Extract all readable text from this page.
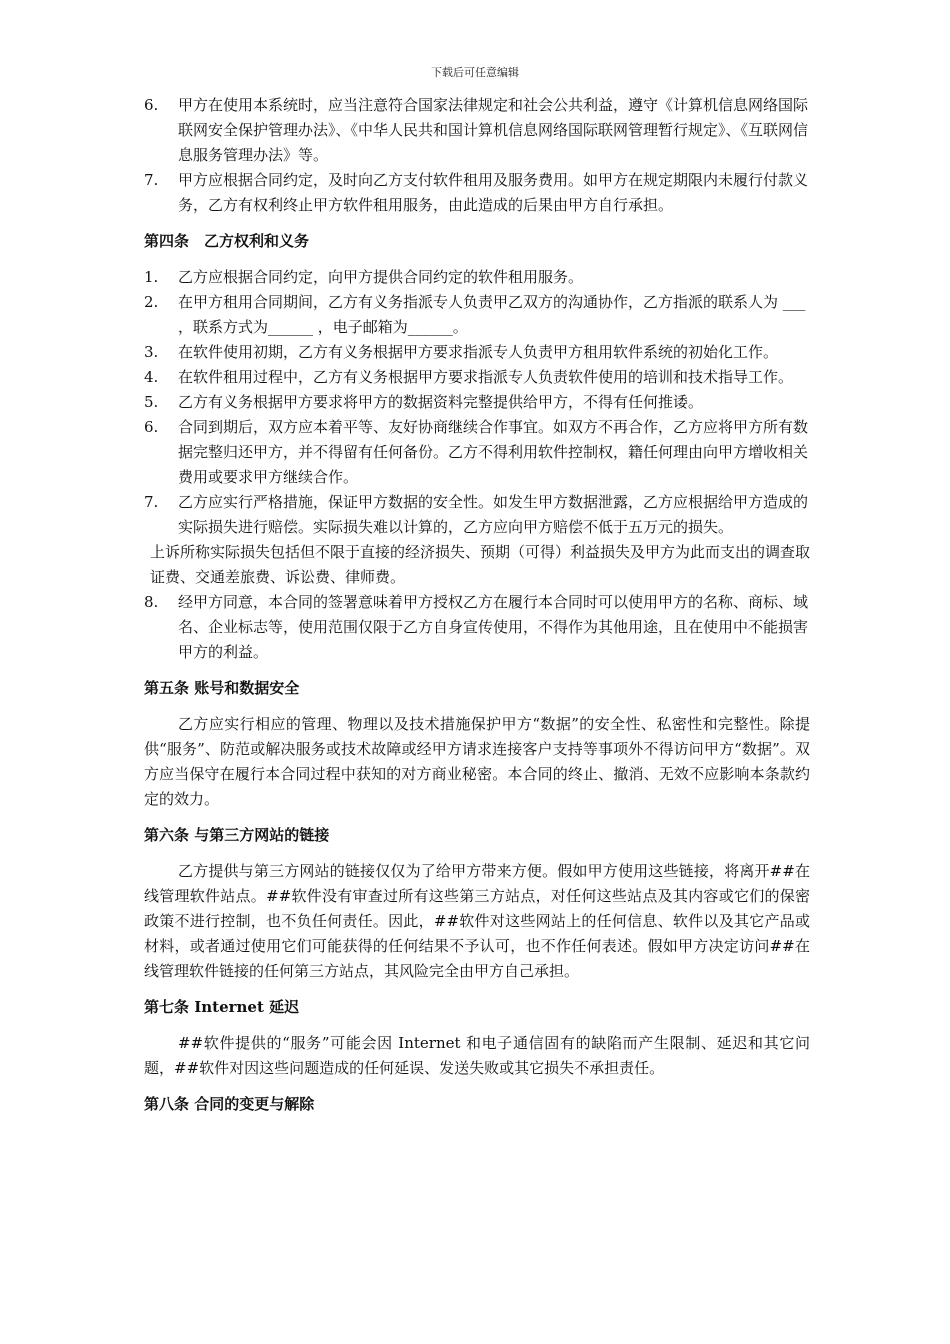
下载后可任意编辑
6. 甲方在使用本系统时，应当注意符合国家法律规定和社会公共利益，遵守《计算机信息网络国际联网安全保护管理办法》、《中华人民共和国计算机信息网络国际联网管理暂行规定》、《互联网信息服务管理办法》等。
7. 甲方应根据合同约定，及时向乙方支付软件租用及服务费用。如甲方在规定期限内未履行付款义务，乙方有权利终止甲方软件租用服务，由此造成的后果由甲方自行承担。
第四条　乙方权利和义务
1. 乙方应根据合同约定，向甲方提供合同约定的软件租用服务。
2. 在甲方租用合同期间，乙方有义务指派专人负责甲乙双方的沟通协作，乙方指派的联系人为 ___ ，联系方式为______ ，电子邮箱为______。
3. 在软件使用初期，乙方有义务根据甲方要求指派专人负责甲方租用软件系统的初始化工作。
4. 在软件租用过程中，乙方有义务根据甲方要求指派专人负责软件使用的培训和技术指导工作。
5. 乙方有义务根据甲方要求将甲方的数据资料完整提供给甲方，不得有任何推诿。
6. 合同到期后，双方应本着平等、友好协商继续合作事宜。如双方不再合作，乙方应将甲方所有数据完整归还甲方，并不得留有任何备份。乙方不得利用软件控制权，籍任何理由向甲方增收相关费用或要求甲方继续合作。
7. 乙方应实行严格措施，保证甲方数据的安全性。如发生甲方数据泄露，乙方应根据给甲方造成的实际损失进行赔偿。实际损失难以计算的，乙方应向甲方赔偿不低于五万元的损失。

上诉所称实际损失包括但不限于直接的经济损失、预期（可得）利益损失及甲方为此而支出的调查取证费、交通差旅费、诉讼费、律师费。

8. 经甲方同意，本合同的签署意味着甲方授权乙方在履行本合同时可以使用甲方的名称、商标、域名、企业标志等，使用范围仅限于乙方自身宣传使用，不得作为其他用途，且在使用中不能损害甲方的利益。
第五条 账号和数据安全

乙方应实行相应的管理、物理以及技术措施保护甲方“数据”的安全性、私密性和完整性。除提供“服务”、防范或解决服务或技术故障或经甲方请求连接客户支持等事项外不得访问甲方“数据”。双方应当保守在履行本合同过程中获知的对方商业秘密。本合同的终止、撤消、无效不应影响本条款约定的效力。

第六条 与第三方网站的链接

乙方提供与第三方网站的链接仅仅为了给甲方带来方便。假如甲方使用这些链接，将离开##在线管理软件站点。##软件没有审查过所有这些第三方站点，对任何这些站点及其内容或它们的保密政策不进行控制，也不负任何责任。因此，##软件对这些网站上的任何信息、软件以及其它产品或材料，或者通过使用它们可能获得的任何结果不予认可，也不作任何表述。假如甲方决定访问##在线管理软件链接的任何第三方站点，其风险完全由甲方自己承担。

第七条 Internet 延迟

##软件提供的“服务”可能会因 Internet 和电子通信固有的缺陷而产生限制、延迟和其它问题，##软件对因这些问题造成的任何延误、发送失败或其它损失不承担责任。

第八条 合同的变更与解除
